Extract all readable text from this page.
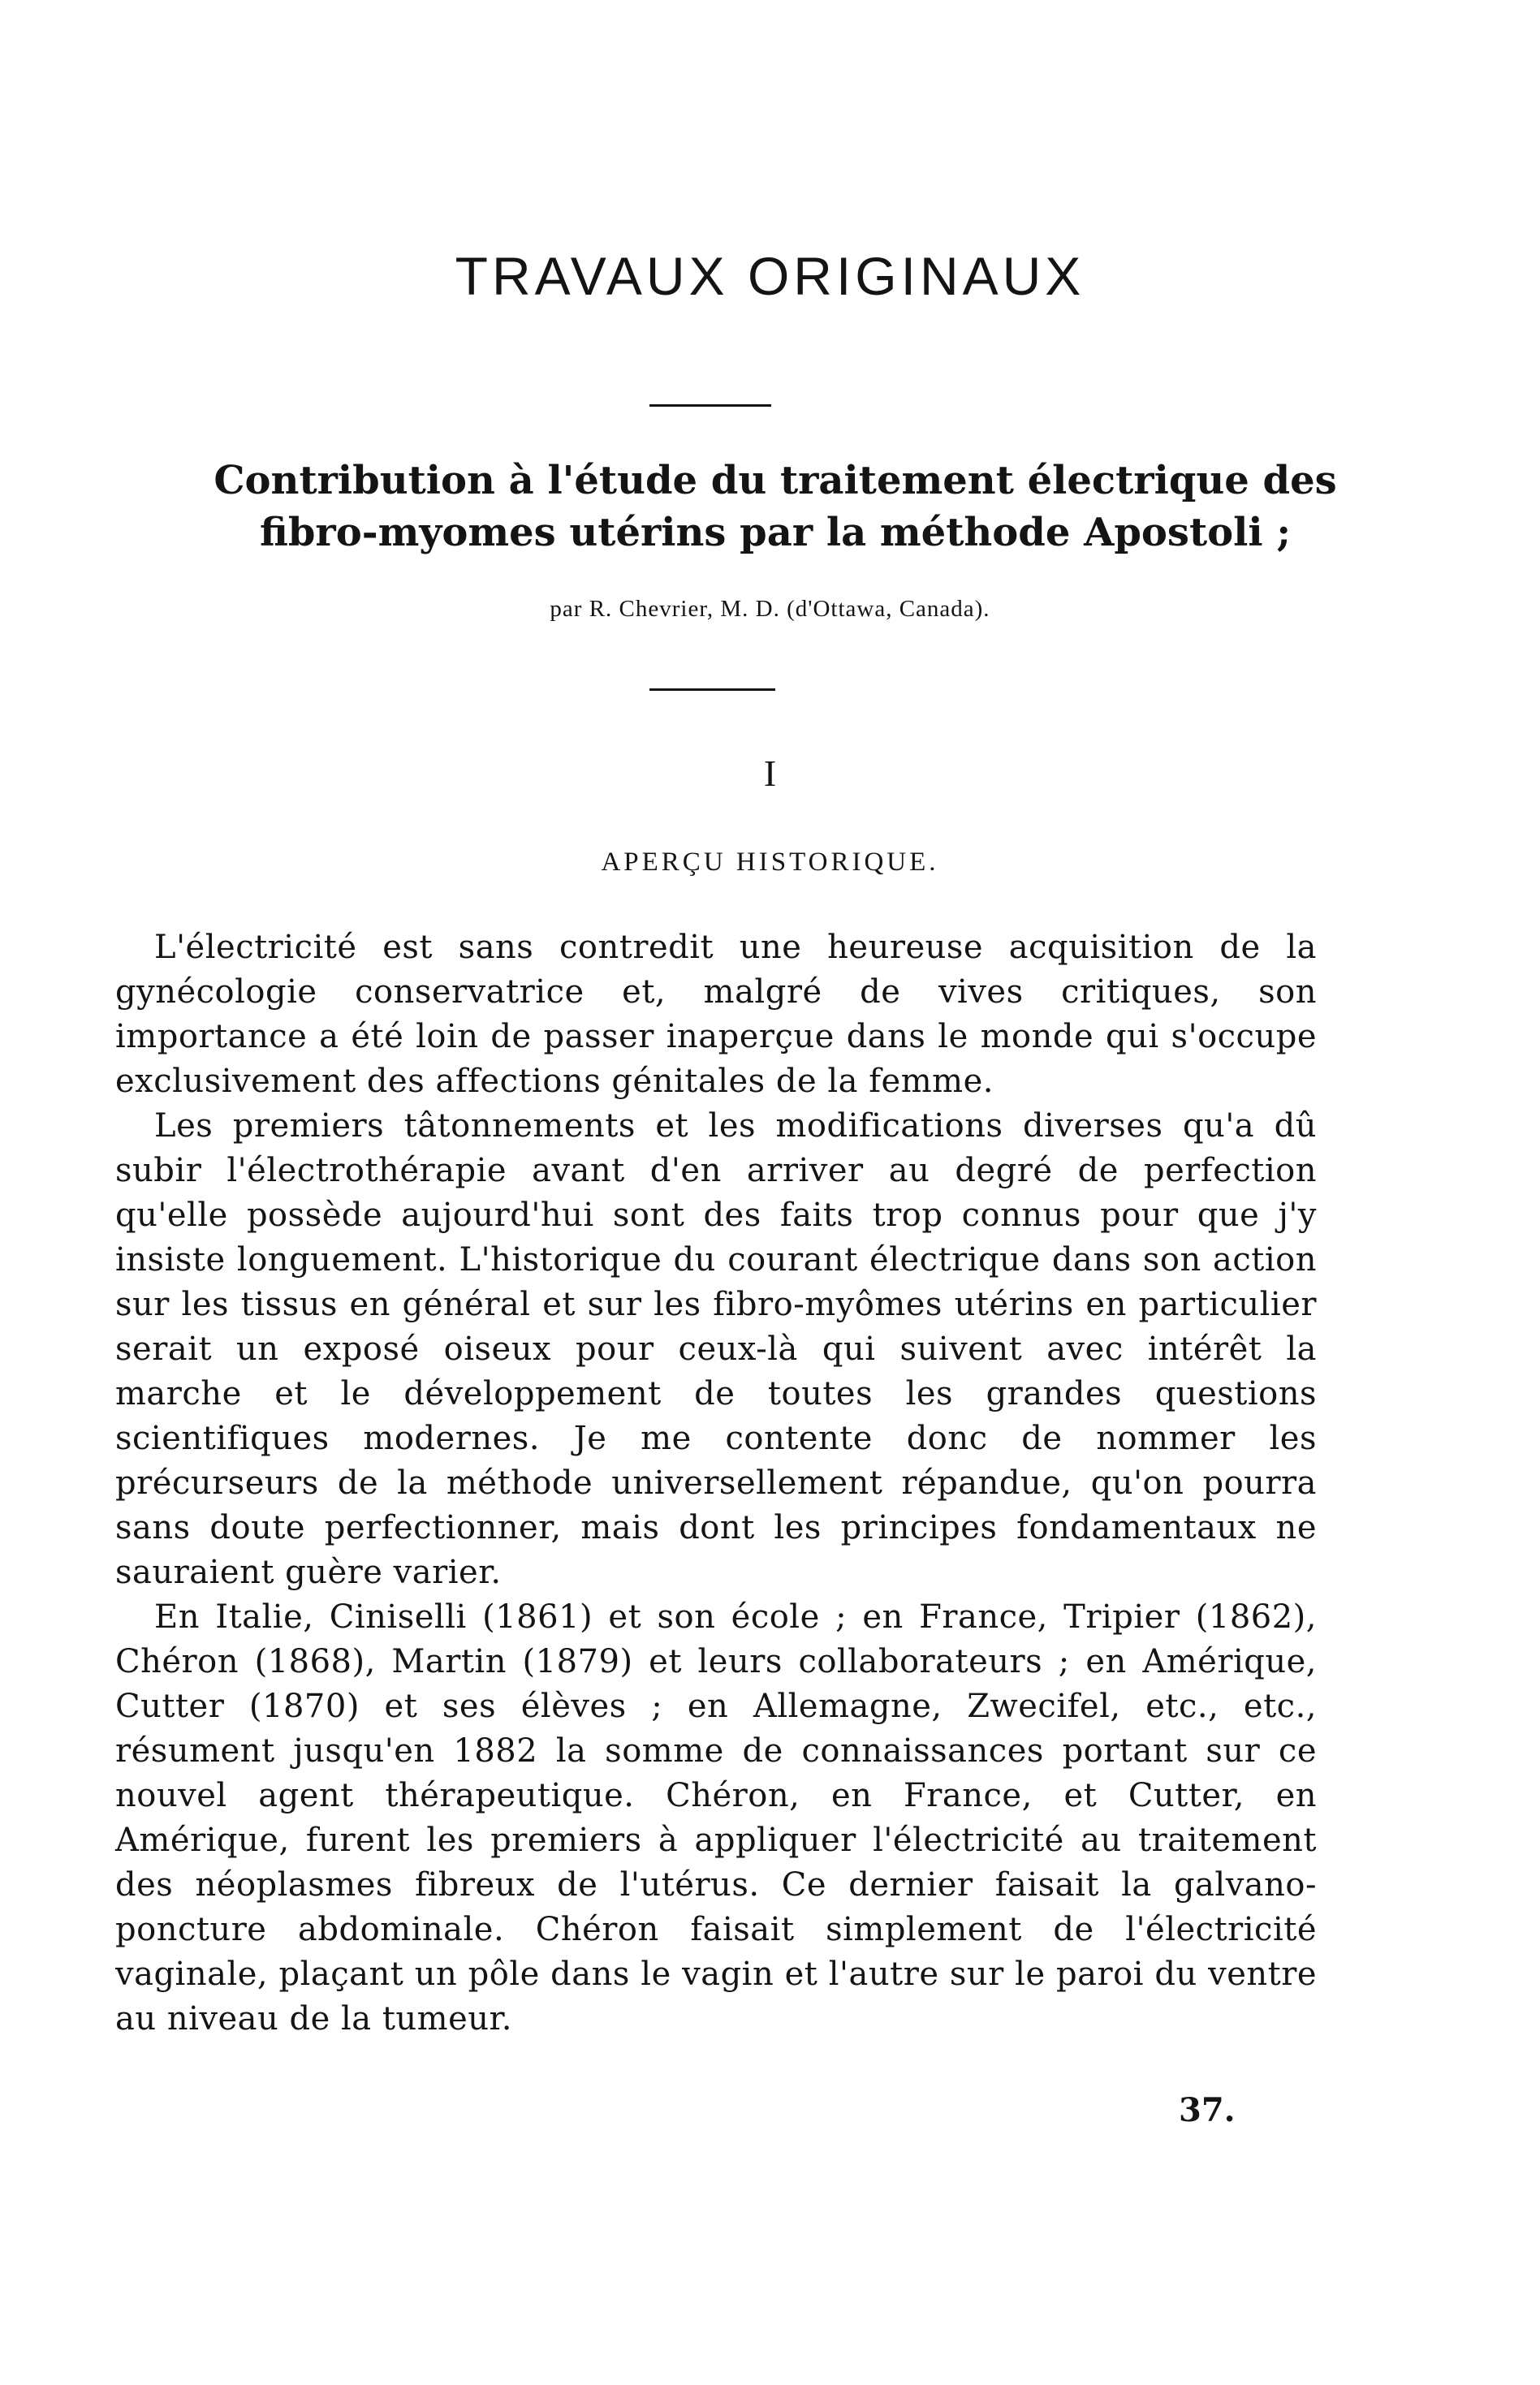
TRAVAUX ORIGINAUX
Contribution à l'étude du traitement électrique des fibro-myomes utérins par la méthode Apostoli ;
par R. Chevrier, M. D. (d'Ottawa, Canada).
I
APERÇU HISTORIQUE.

L'électricité est sans contredit une heureuse acquisition de la gynécologie conservatrice et, malgré de vives critiques, son importance a été loin de passer inaperçue dans le monde qui s'occupe exclusivement des affections génitales de la femme.

Les premiers tâtonnements et les modifications diverses qu'a dû subir l'électrothérapie avant d'en arriver au degré de perfection qu'elle possède aujourd'hui sont des faits trop connus pour que j'y insiste longuement. L'historique du courant électrique dans son action sur les tissus en général et sur les fibro-myômes utérins en particulier serait un exposé oiseux pour ceux-là qui suivent avec intérêt la marche et le développement de toutes les grandes questions scientifiques modernes. Je me contente donc de nommer les précurseurs de la méthode universellement répandue, qu'on pourra sans doute perfectionner, mais dont les principes fondamentaux ne sauraient guère varier.

En Italie, Ciniselli (1861) et son école ; en France, Tripier (1862), Chéron (1868), Martin (1879) et leurs collaborateurs ; en Amérique, Cutter (1870) et ses élèves ; en Allemagne, Zwecifel, etc., etc., résument jusqu'en 1882 la somme de connaissances portant sur ce nouvel agent thérapeutique. Chéron, en France, et Cutter, en Amérique, furent les premiers à appliquer l'électricité au traitement des néoplasmes fibreux de l'utérus. Ce dernier faisait la galvano-poncture abdominale. Chéron faisait simplement de l'électricité vaginale, plaçant un pôle dans le vagin et l'autre sur le paroi du ventre au niveau de la tumeur.

37.
